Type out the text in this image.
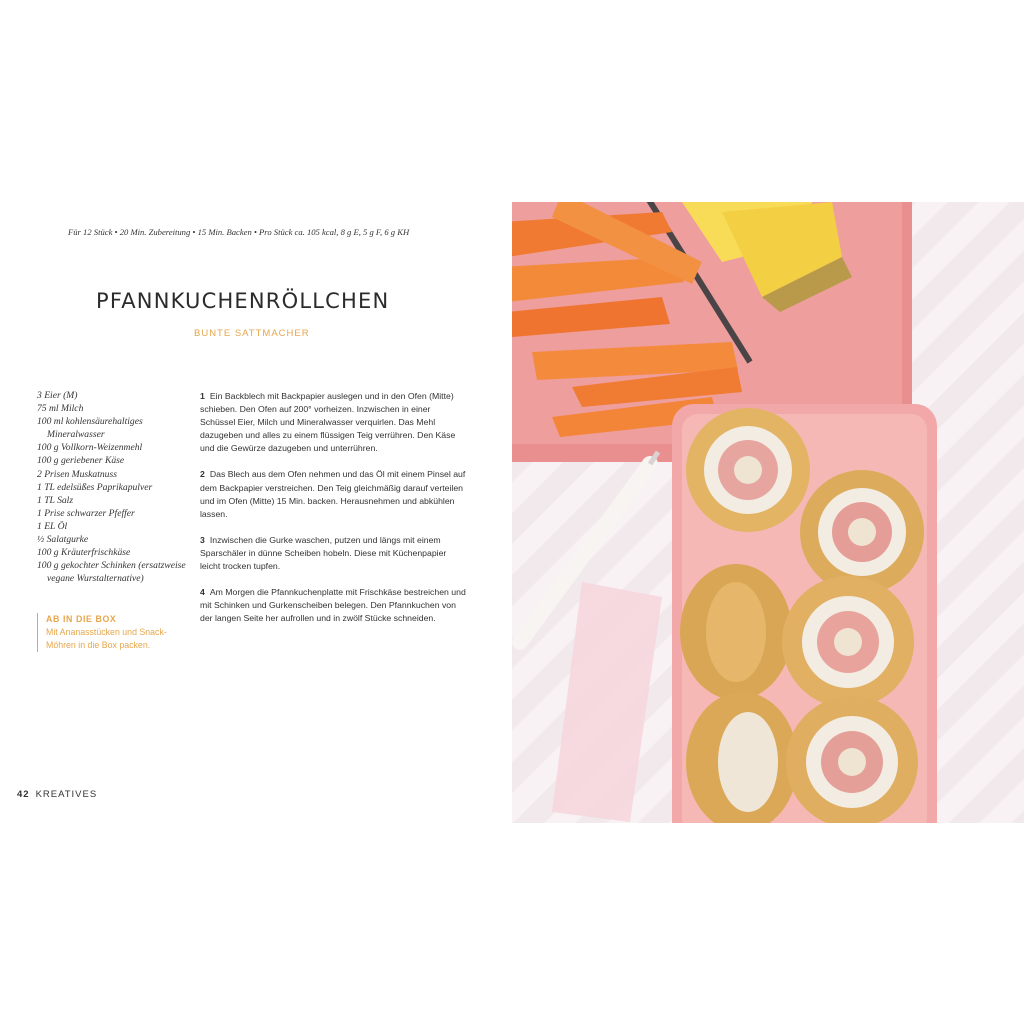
Für 12 Stück • 20 Min. Zubereitung • 15 Min. Backen • Pro Stück ca. 105 kcal, 8 g E, 5 g F, 6 g KH
PFANNKUCHENRÖLLCHEN
BUNTE SATTMACHER
3 Eier (M)
75 ml Milch
100 ml kohlensäurehaltiges Mineralwasser
100 g Vollkorn-Weizenmehl
100 g geriebener Käse
2 Prisen Muskatnuss
1 TL edelsüßes Paprikapulver
1 TL Salz
1 Prise schwarzer Pfeffer
1 EL Öl
½ Salatgurke
100 g Kräuterfrischkäse
100 g gekochter Schinken (ersatzweise vegane Wurstalternative)
AB IN DIE BOX
Mit Ananasstücken und Snack-Möhren in die Box packen.

1 Ein Backblech mit Backpapier auslegen und in den Ofen (Mitte) schieben. Den Ofen auf 200° vorheizen. Inzwischen in einer Schüssel Eier, Milch und Mineralwasser verquirlen. Das Mehl dazugeben und alles zu einem flüssigen Teig verrühren. Den Käse und die Gewürze dazugeben und unterrühren.

2 Das Blech aus dem Ofen nehmen und das Öl mit einem Pinsel auf dem Backpapier verstreichen. Den Teig gleichmäßig darauf verteilen und im Ofen (Mitte) 15 Min. backen. Herausnehmen und abkühlen lassen.

3 Inzwischen die Gurke waschen, putzen und längs mit einem Sparschäler in dünne Scheiben hobeln. Diese mit Küchenpapier leicht trocken tupfen.

4 Am Morgen die Pfannkuchenplatte mit Frischkäse bestreichen und mit Schinken und Gurkenscheiben belegen. Den Pfannkuchen von der langen Seite her aufrollen und in zwölf Stücke schneiden.

42 KREATIVES
